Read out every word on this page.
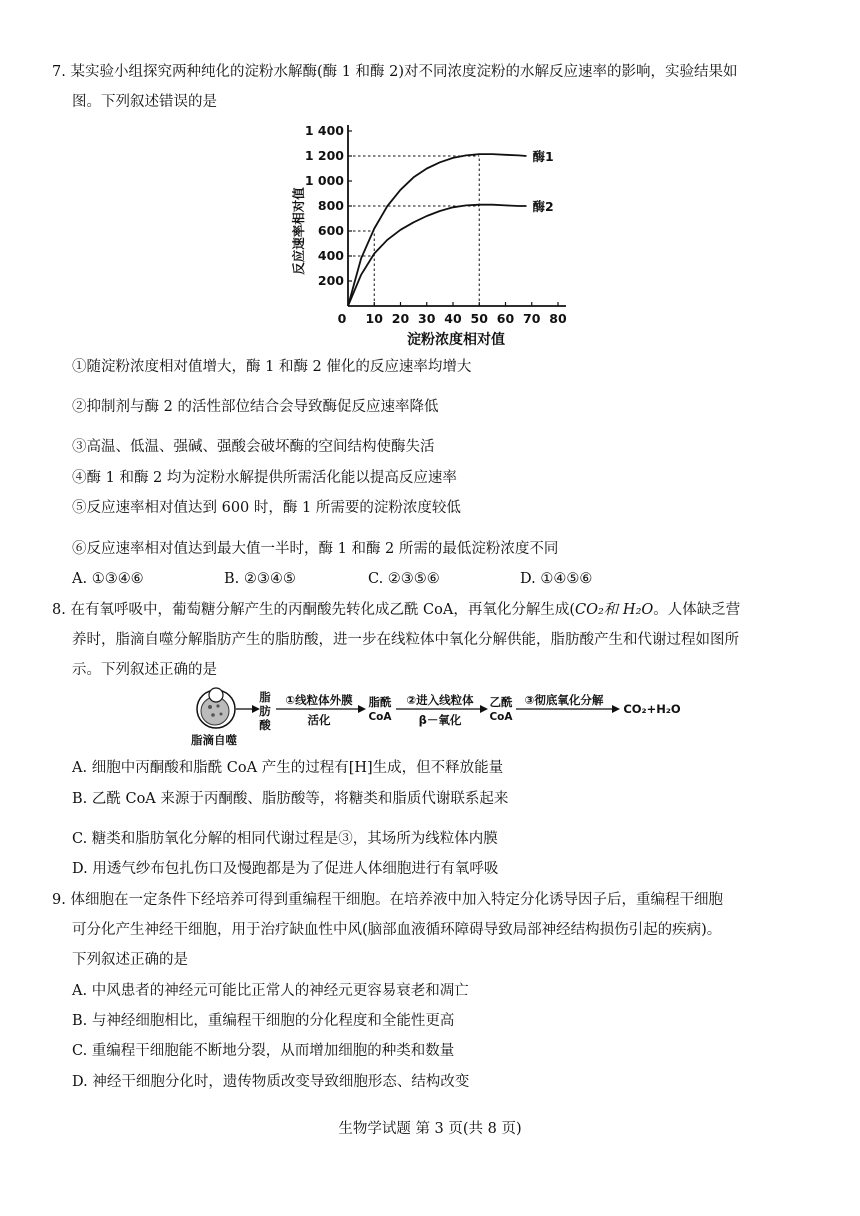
7. 某实验小组探究两种纯化的淀粉水解酶(酶 1 和酶 2)对不同浓度淀粉的水解反应速率的影响，实验结果如
图。下列叙述错误的是
0 10 20 30 40 50 60 70 80
200
400
600
800
1 000
1 200
1 400
酶1
酶2
反应速率相对值
淀粉浓度相对值
①随淀粉浓度相对值增大，酶 1 和酶 2 催化的反应速率均增大
②抑制剂与酶 2 的活性部位结合会导致酶促反应速率降低
③高温、低温、强碱、强酸会破坏酶的空间结构使酶失活
④酶 1 和酶 2 均为淀粉水解提供所需活化能以提高反应速率
⑤反应速率相对值达到 600 时，酶 1 所需要的淀粉浓度较低
⑥反应速率相对值达到最大值一半时，酶 1 和酶 2 所需的最低淀粉浓度不同
A. ①③④⑥	B. ②③④⑤	C. ②③⑤⑥	D. ①④⑤⑥
8. 在有氧呼吸中，葡萄糖分解产生的丙酮酸先转化成乙酰 CoA，再氧化分解生成(CO₂和 H₂O。人体缺乏营
养时，脂滴自噬分解脂肪产生的脂肪酸，进一步在线粒体中氧化分解供能，脂肪酸产生和代谢过程如图所
示。下列叙述正确的是
脂滴自噬
脂
肪
酸
①线粒体外膜
活化
脂酰
CoA
②进入线粒体
β－氧化
乙酰
CoA
③彻底氧化分解
CO₂+H₂O
A. 细胞中丙酮酸和脂酰 CoA 产生的过程有[H]生成，但不释放能量
B. 乙酰 CoA 来源于丙酮酸、脂肪酸等，将糖类和脂质代谢联系起来
C. 糖类和脂肪氧化分解的相同代谢过程是③，其场所为线粒体内膜
D. 用透气纱布包扎伤口及慢跑都是为了促进人体细胞进行有氧呼吸
9. 体细胞在一定条件下经培养可得到重编程干细胞。在培养液中加入特定分化诱导因子后，重编程干细胞
可分化产生神经干细胞，用于治疗缺血性中风(脑部血液循环障碍导致局部神经结构损伤引起的疾病)。
下列叙述正确的是
A. 中风患者的神经元可能比正常人的神经元更容易衰老和凋亡
B. 与神经细胞相比，重编程干细胞的分化程度和全能性更高
C. 重编程干细胞能不断地分裂，从而增加细胞的种类和数量
D. 神经干细胞分化时，遗传物质改变导致细胞形态、结构改变
生物学试题 第 3 页(共 8 页)
